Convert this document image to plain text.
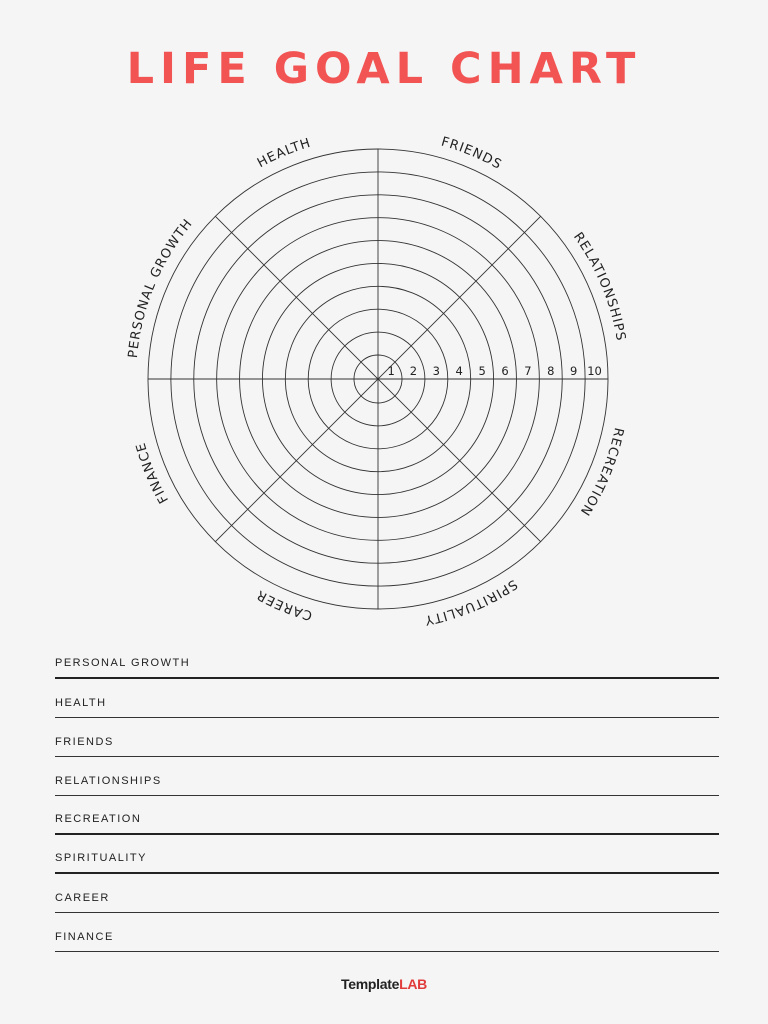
LIFE GOAL CHART
1 2 3 4 5 6 7 8 9 10
PERSONAL GROWTH
HEALTH	FRIENDS
RELATIONSHIPS
RECREATION
SPIRITUALITY
CAREER
FINANCE
PERSONAL GROWTH
HEALTH
FRIENDS
RELATIONSHIPS
RECREATION
SPIRITUALITY
CAREER
FINANCE
TemplateLAB
